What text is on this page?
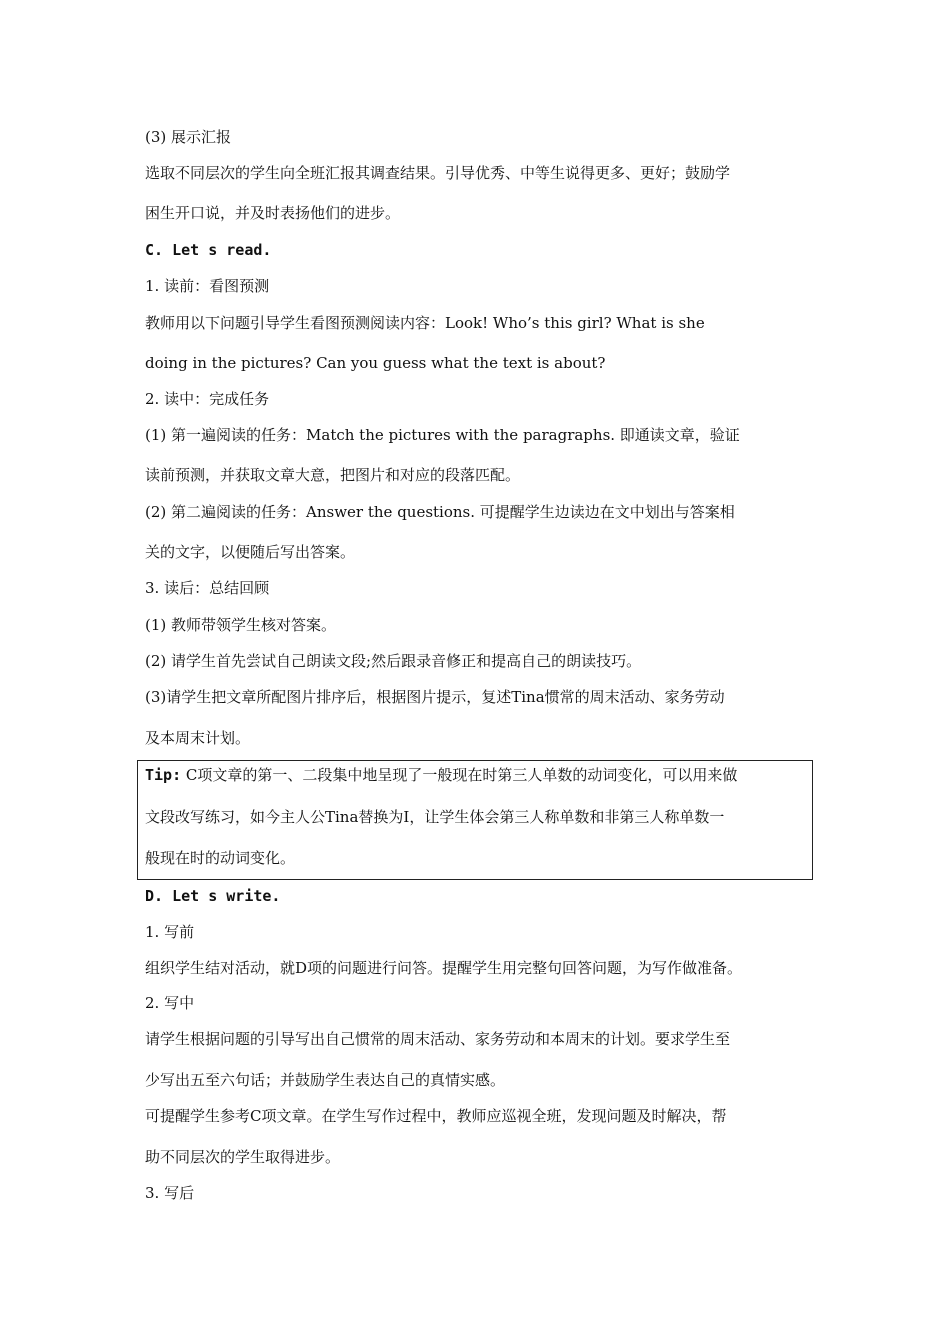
(3) 展示汇报
选取不同层次的学生向全班汇报其调查结果。引导优秀、中等生说得更多、更好；鼓励学
困生开口说，并及时表扬他们的进步。
C. Let s read.
1. 读前：看图预测
教师用以下问题引导学生看图预测阅读内容：Look! Who’s this girl? What is she
doing in the pictures? Can you guess what the text is about?
2. 读中：完成任务
(1) 第一遍阅读的任务：Match the pictures with the paragraphs. 即通读文章，验证
读前预测，并获取文章大意，把图片和对应的段落匹配。
(2) 第二遍阅读的任务：Answer the questions. 可提醒学生边读边在文中划出与答案相
关的文字，以便随后写出答案。
3. 读后：总结回顾
(1) 教师带领学生核对答案。
(2) 请学生首先尝试自己朗读文段;然后跟录音修正和提高自己的朗读技巧。
(3)请学生把文章所配图片排序后，根据图片提示，复述Tina惯常的周末活动、家务劳动
及本周末计划。
Tip: C项文章的第一、二段集中地呈现了一般现在时第三人单数的动词变化，可以用来做
文段改写练习，如今主人公Tina替换为I，让学生体会第三人称单数和非第三人称单数一
般现在时的动词变化。
D. Let s write.
1. 写前
组织学生结对活动，就D项的问题进行问答。提醒学生用完整句回答问题，为写作做准备。
2. 写中
请学生根据问题的引导写出自己惯常的周末活动、家务劳动和本周末的计划。要求学生至
少写出五至六句话；并鼓励学生表达自己的真情实感。
可提醒学生参考C项文章。在学生写作过程中，教师应巡视全班，发现问题及时解决，帮
助不同层次的学生取得进步。
3. 写后
